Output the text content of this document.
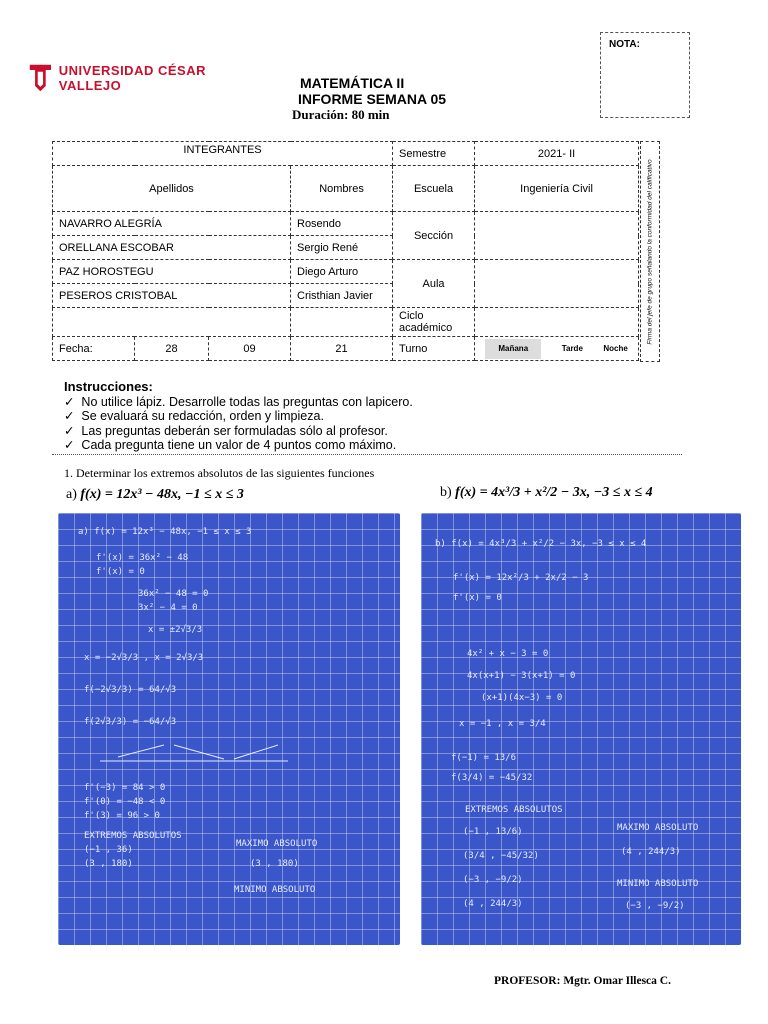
UNIVERSIDAD CÉSAR VALLEJO	MATEMÁTICA II
INFORME SEMANA 05
Duración: 80 min
NOTA:
INTEGRANTES				Semestre	2021- II
Apellidos			Nombres	Escuela	Ingeniería Civil
NAVARRO ALEGRÍA			Rosendo	Sección	
ORELLANA ESCOBAR			Sergio René		
PAZ HOROSTEGU			Diego Arturo	Aula	
PESEROS CRISTOBAL			Cristhian Javier		
				Ciclo académico	
Fecha:	28	09	21	Turno	Mañana Tarde Noche
Firma del jefe de grupo señalando la conformidad del calificativo
Instrucciones:
✓  No utilice lápiz. Desarrolle todas las preguntas con lapicero.
✓  Se evaluará su redacción, orden y limpieza.
✓  Las preguntas deberán ser formuladas sólo al profesor.
✓  Cada pregunta tiene un valor de 4 puntos como máximo.
1. Determinar los extremos absolutos de las siguientes funciones
a) f(x) = 12x³ − 48x, −1 ≤ x ≤ 3	b) f(x) = 4x³/3 + x²/2 − 3x, −3 ≤ x ≤ 4
a) f(x) = 12x³ − 48x, −1 ≤ x ≤ 3
f'(x) = 36x² − 48
f'(x) = 0
36x² − 48 = 0
3x² − 4 = 0
x = ±2√3/3
x = −2√3/3 , x = 2√3/3
f(−2√3/3) = 64/√3
f(2√3/3) = −64/√3
f'(−3) = 84 > 0
f'(0) = −48 < 0
f'(3) = 96 > 0
EXTREMOS ABSOLUTOS
(−1 , 36)
(3 , 180)
MAXIMO ABSOLUTO
(3 , 180)
MINIMO ABSOLUTO
b) f(x) = 4x³/3 + x²/2 − 3x, −3 ≤ x ≤ 4
f'(x) = 12x²/3 + 2x/2 − 3
f'(x) = 0
4x² + x − 3 = 0
4x(x+1) − 3(x+1) = 0
(x+1)(4x−3) = 0
x = −1 , x = 3/4
f(−1) = 13/6
f(3/4) = −45/32
EXTREMOS ABSOLUTOS
(−1 , 13/6)
(3/4 , −45/32)
(−3 , −9/2)
(4 , 244/3)
MAXIMO ABSOLUTO
(4 , 244/3)
MINIMO ABSOLUTO
(−3 , −9/2)
PROFESOR: Mgtr. Omar Illesca C.
